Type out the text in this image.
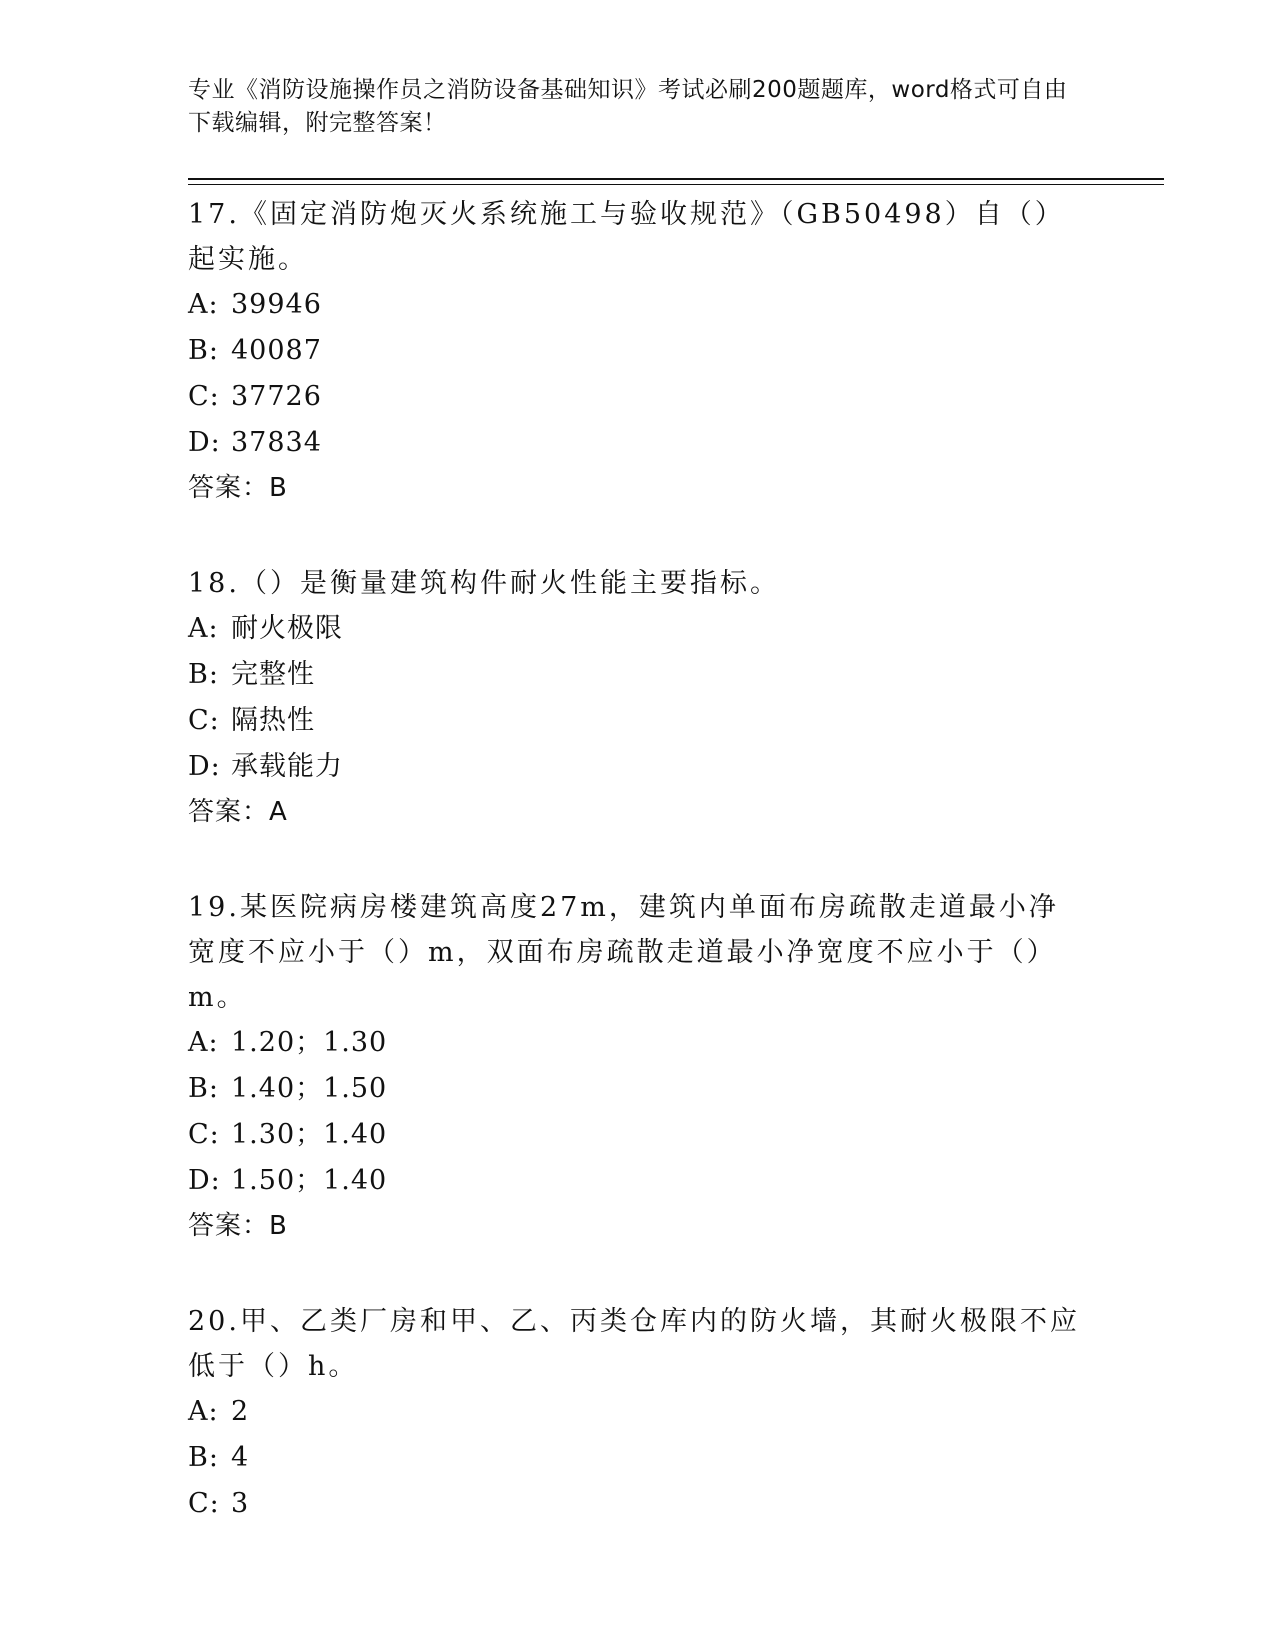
专业《消防设施操作员之消防设备基础知识》考试必刷200题题库，word格式可自由下载编辑，附完整答案！
17.《固定消防炮灭火系统施工与验收规范》（GB50498）自（）起实施。
A: 39946
B: 40087
C: 37726
D: 37834
答案：B
18.（）是衡量建筑构件耐火性能主要指标。
A: 耐火极限
B: 完整性
C: 隔热性
D: 承载能力
答案：A
19.某医院病房楼建筑高度27m，建筑内单面布房疏散走道最小净宽度不应小于（）m，双面布房疏散走道最小净宽度不应小于（）m。
A: 1.20；1.30
B: 1.40；1.50
C: 1.30；1.40
D: 1.50；1.40
答案：B
20.甲、乙类厂房和甲、乙、丙类仓库内的防火墙，其耐火极限不应低于（）h。
A: 2
B: 4
C: 3
